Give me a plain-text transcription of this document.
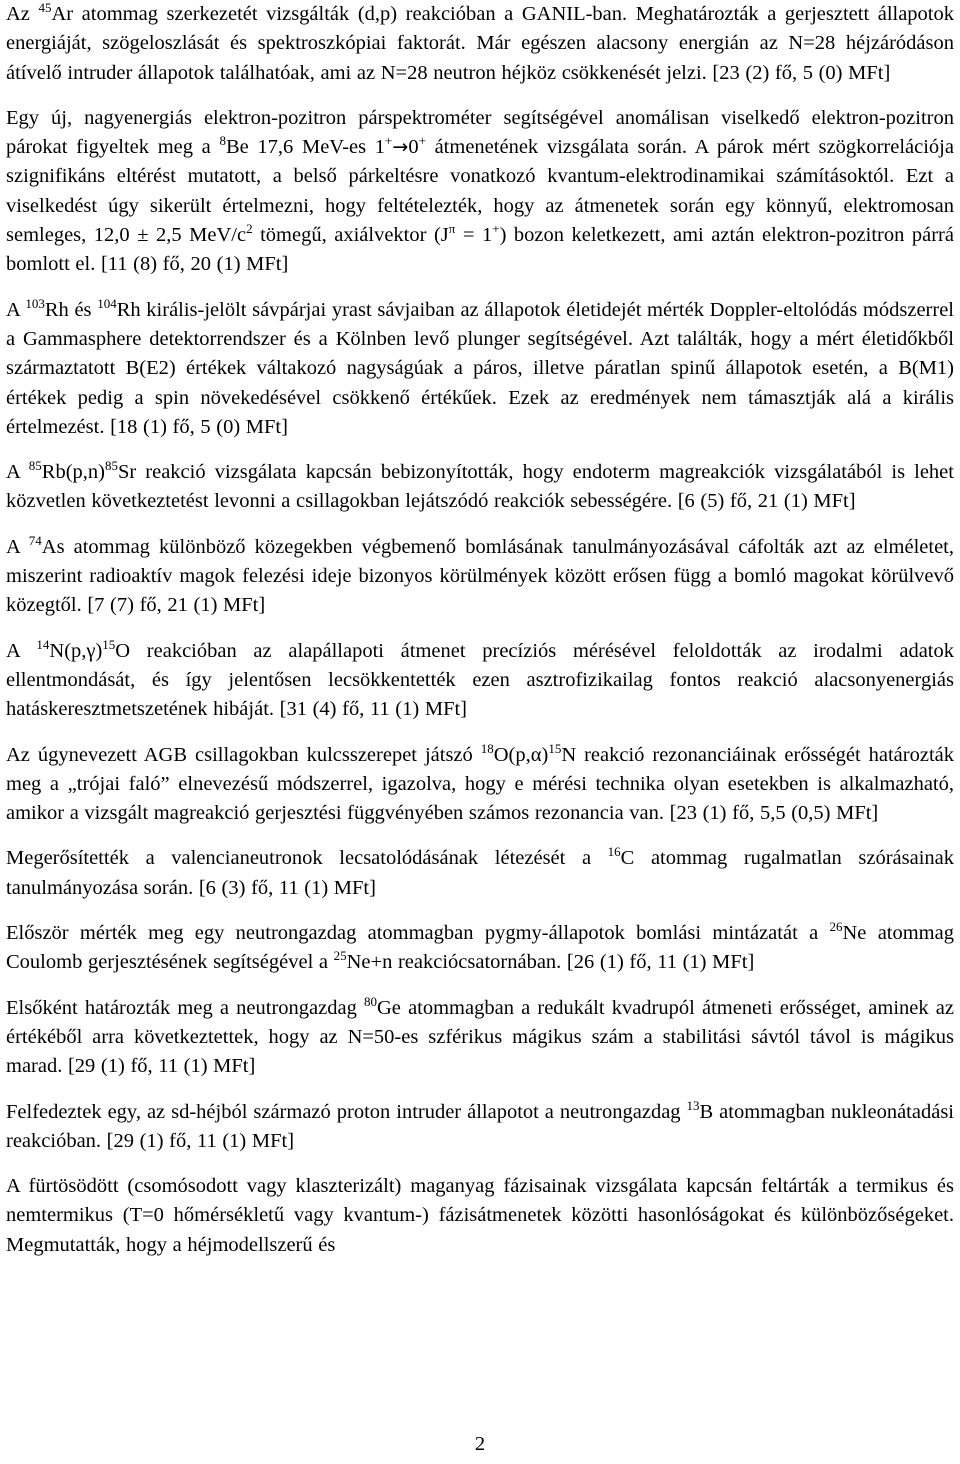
Az $^{45}$Ar atommag szerkezetét vizsgálták (d,p) reakcióban a GANIL-ban. Meghatározták a gerjesztett állapotok energiáját, szögeloszlását és spektroszkópiai faktorát. Már egészen alacsony energián az N=28 héjzáródáson átívelő intruder állapotok találhatóak, ami az N=28 neutron héjköz csökkenését jelzi. [23 (2) fő, 5 (0) MFt]

Egy új, nagyenergiás elektron-pozitron párspektrométer segítségével anomálisan viselkedő elektron-pozitron párokat figyeltek meg a $^8$Be 17,6 MeV-es 1+→0+ átmenetének vizsgálata során. A párok mért szögkorrelációja szignifikáns eltérést mutatott, a belső párkeltésre vonatkozó kvantum-elektrodinamikai számításoktól. Ezt a viselkedést úgy sikerült értelmezni, hogy feltételezték, hogy az átmenetek során egy könnyű, elektromosan semleges, 12,0 ± 2,5 MeV/$c^2$ tömegű, axiálvektor $(J^\pi = 1^+)$ bozon keletkezett, ami aztán elektron-pozitron párrá bomlott el. [11 (8) fő, 20 (1) MFt]

A $^{103}$Rh és $^{104}$Rh királis-jelölt sávpárjai yrast sávjaiban az állapotok életidejét mérték Doppler-eltolódás módszerrel a Gammasphere detektorrendszer és a Kölnben levő plunger segítségével. Azt találták, hogy a mért életidőkből származtatott B(E2) értékek váltakozó nagyságúak a páros, illetve páratlan spinű állapotok esetén, a B(M1) értékek pedig a spin növekedésével csökkenő értékűek. Ezek az eredmények nem támasztják alá a királis értelmezést. [18 (1) fő, 5 (0) MFt]

A $^{85}Rb(p,n)^{85}Sr$ reakció vizsgálata kapcsán bebizonyították, hogy endoterm magreakciók vizsgálatából is lehet közvetlen következtetést levonni a csillagokban lejátszódó reakciók sebességére. [6 (5) fő, 21 (1) MFt]

A $^{74}$As atommag különböző közegekben végbemenő bomlásának tanulmányozásával cáfolták azt az elméletet, miszerint radioaktív magok felezési ideje bizonyos körülmények között erősen függ a bomló magokat körülvevő közegtől. [7 (7) fő, 21 (1) MFt]

A $^{14}N(p,\gamma)^{15}O$ reakcióban az alapállapoti átmenet precíziós mérésével feloldották az irodalmi adatok ellentmondását, és így jelentősen lecsökkentették ezen asztrofizikailag fontos reakció alacsonyenergiás hatáskeresztmetszetének hibáját. [31 (4) fő, 11 (1) MFt]

Az úgynevezett AGB csillagokban kulcsszerepet játszó $^{18}O(p,\alpha)^{15}N$ reakció rezonanciáinak erősségét határozták meg a „trójai faló” elnevezésű módszerrel, igazolva, hogy e mérési technika olyan esetekben is alkalmazható, amikor a vizsgált magreakció gerjesztési függvényében számos rezonancia van. [23 (1) fő, 5,5 (0,5) MFt]

Megerősítették a valencianeutronok lecsatolódásának létezését a $^{16}$C atommag rugalmatlan szórásainak tanulmányozása során. [6 (3) fő, 11 (1) MFt]

Először mérték meg egy neutrongazdag atommagban pygmy-állapotok bomlási mintázatát a $^{26}$Ne atommag Coulomb gerjesztésének segítségével a $^{25}$Ne+n reakciócsatornában. [26 (1) fő, 11 (1) MFt]

Elsőként határozták meg a neutrongazdag $^{80}$Ge atommagban a redukált kvadrupól átmeneti erősséget, aminek az értékéből arra következtettek, hogy az N=50-es szférikus mágikus szám a stabilitási sávtól távol is mágikus marad. [29 (1) fő, 11 (1) MFt]

Felfedeztek egy, az sd-héjból származó proton intruder állapotot a neutrongazdag $^{13}$B atommagban nukleonátadási reakcióban. [29 (1) fő, 11 (1) MFt]

A fürtösödött (csomósodott vagy klaszterizált) maganyag fázisainak vizsgálata kapcsán feltárták a termikus és nemtermikus (T=0 hőmérsékletű vagy kvantum-) fázisátmenetek közötti hasonlóságokat és különbözőségeket. Megmutatták, hogy a héjmodellszerű és

2
